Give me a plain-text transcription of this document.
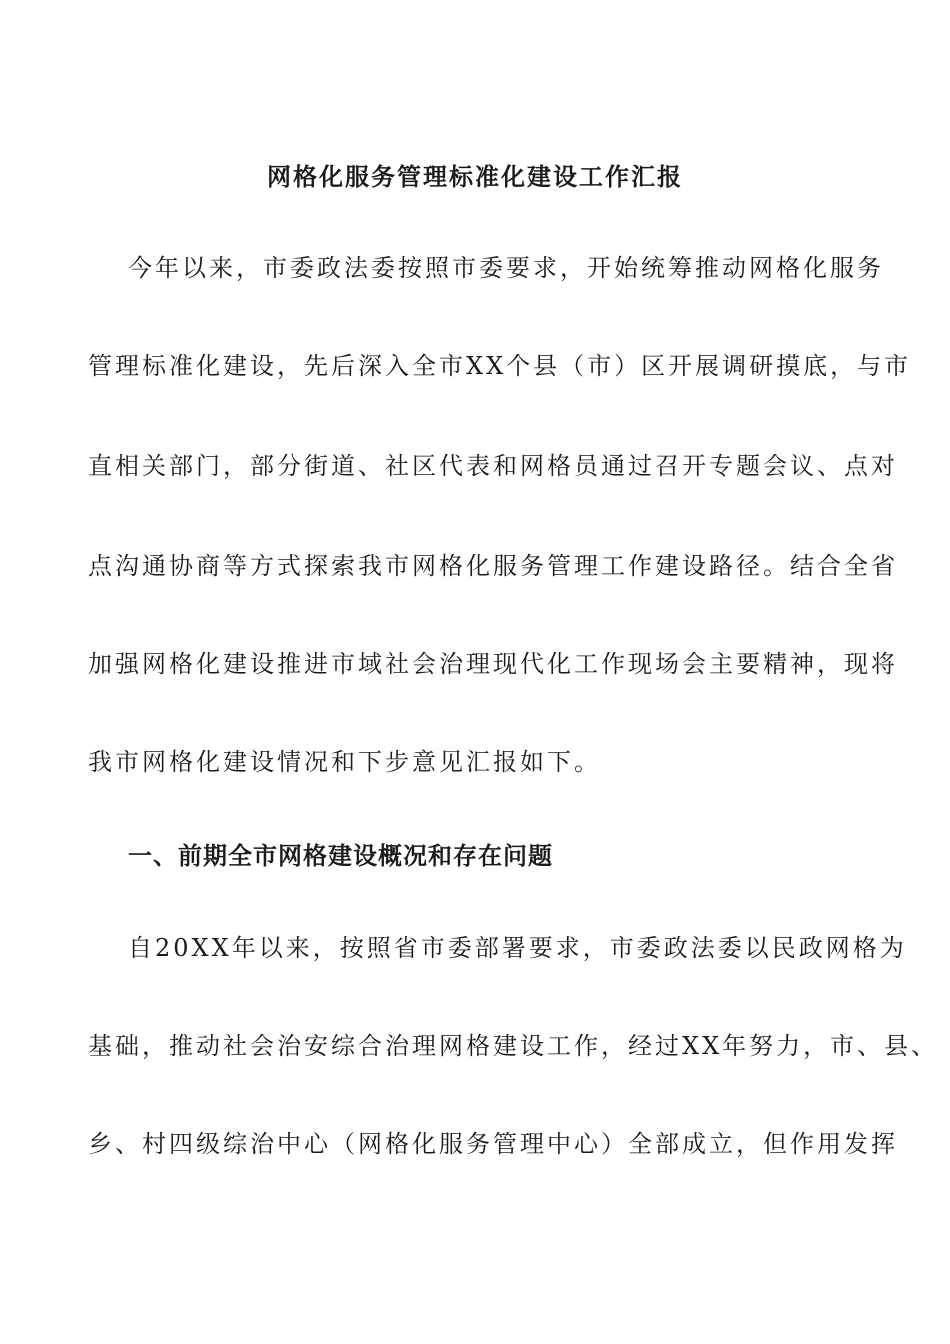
网格化服务管理标准化建设工作汇报
今年以来，市委政法委按照市委要求，开始统筹推动网格化服务
管理标准化建设，先后深入全市XX个县（市）区开展调研摸底，与市
直相关部门，部分街道、社区代表和网格员通过召开专题会议、点对
点沟通协商等方式探索我市网格化服务管理工作建设路径。结合全省
加强网格化建设推进市域社会治理现代化工作现场会主要精神，现将
我市网格化建设情况和下步意见汇报如下。
一、前期全市网格建设概况和存在问题
自20XX年以来，按照省市委部署要求，市委政法委以民政网格为
基础，推动社会治安综合治理网格建设工作，经过XX年努力，市、县、
乡、村四级综治中心（网格化服务管理中心）全部成立，但作用发挥
